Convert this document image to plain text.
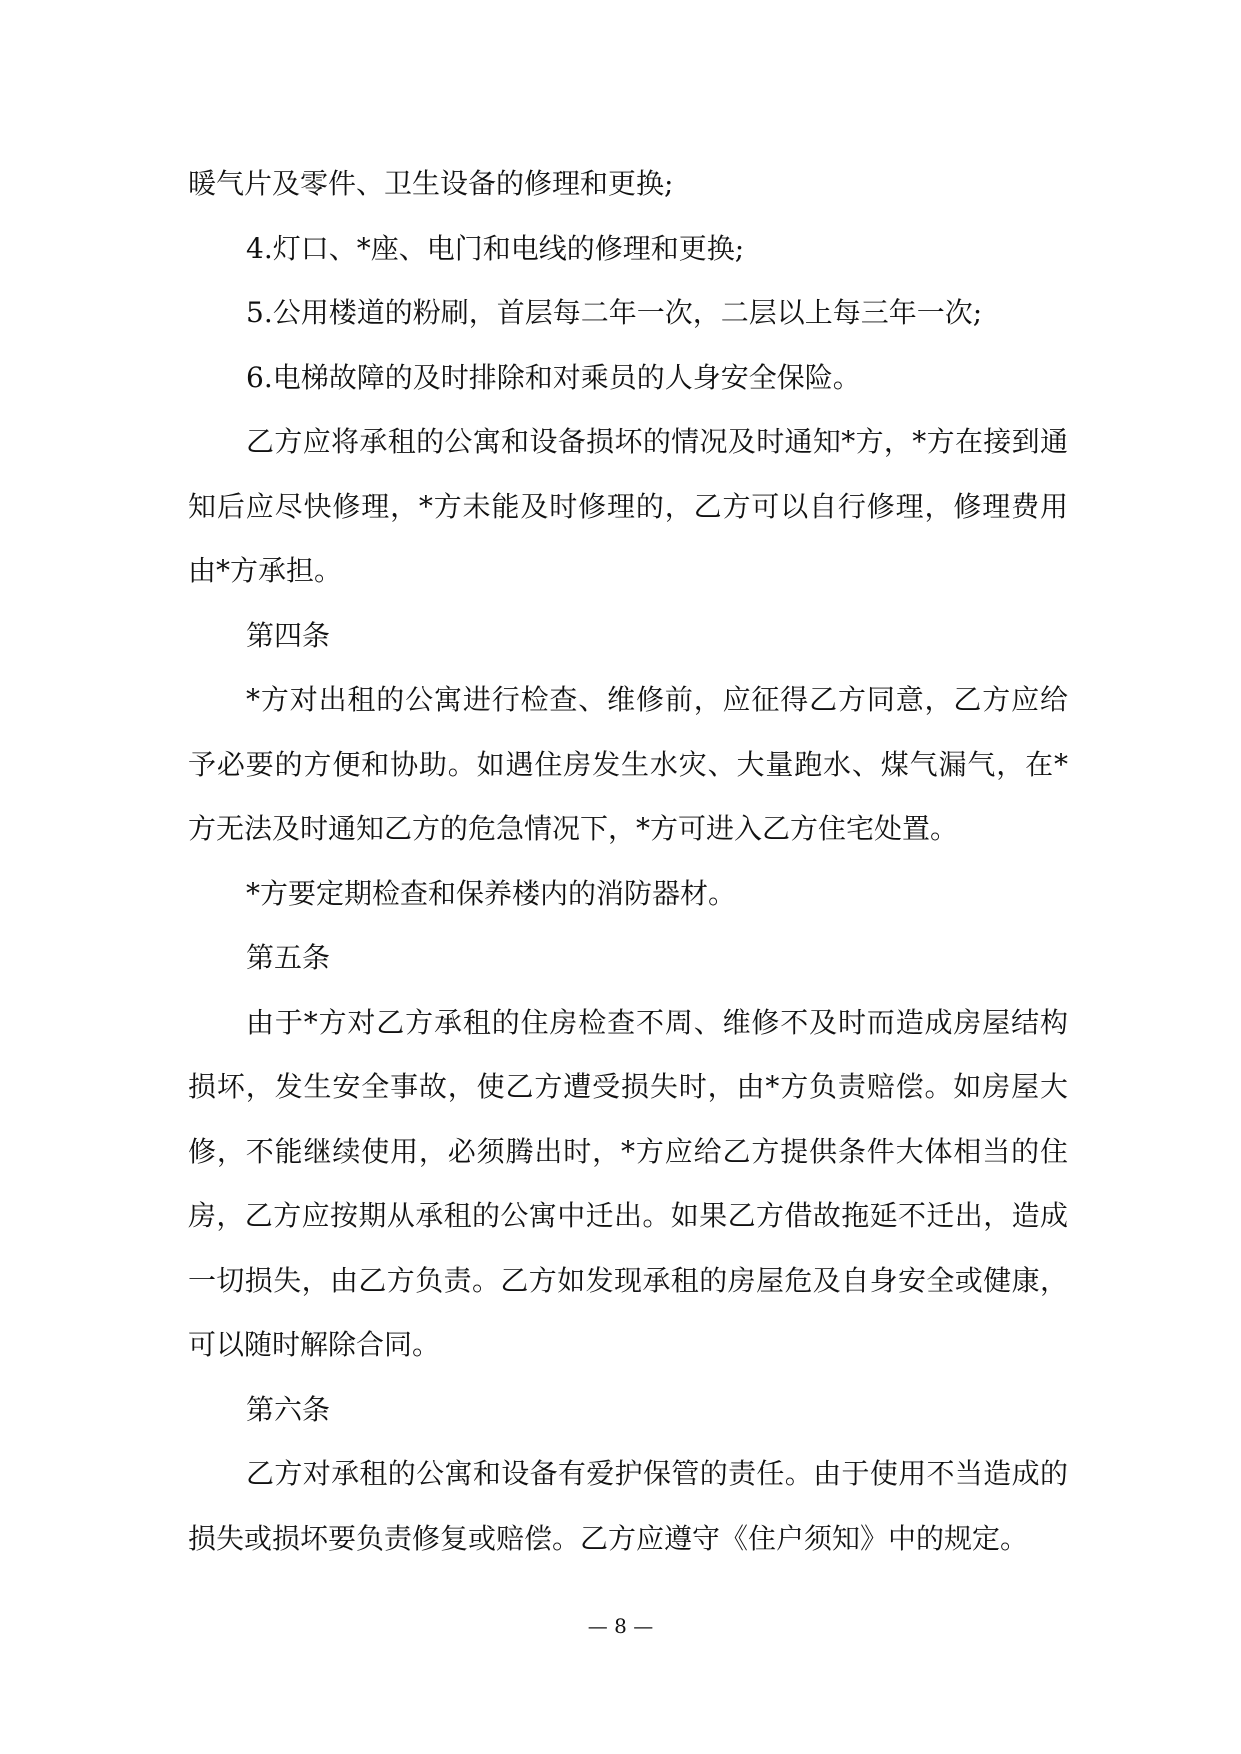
暖气片及零件、卫生设备的修理和更换;

4.灯口、*座、电门和电线的修理和更换;

5.公用楼道的粉刷，首层每二年一次，二层以上每三年一次;

6.电梯故障的及时排除和对乘员的人身安全保险。

乙方应将承租的公寓和设备损坏的情况及时通知*方，*方在接到通知后应尽快修理，*方未能及时修理的，乙方可以自行修理，修理费用由*方承担。

第四条

*方对出租的公寓进行检查、维修前，应征得乙方同意，乙方应给予必要的方便和协助。如遇住房发生水灾、大量跑水、煤气漏气，在*方无法及时通知乙方的危急情况下，*方可进入乙方住宅处置。

*方要定期检查和保养楼内的消防器材。

第五条

由于*方对乙方承租的住房检查不周、维修不及时而造成房屋结构损坏，发生安全事故，使乙方遭受损失时，由*方负责赔偿。如房屋大修，不能继续使用，必须腾出时，*方应给乙方提供条件大体相当的住房，乙方应按期从承租的公寓中迁出。如果乙方借故拖延不迁出，造成一切损失，由乙方负责。乙方如发现承租的房屋危及自身安全或健康，可以随时解除合同。

第六条

乙方对承租的公寓和设备有爱护保管的责任。由于使用不当造成的损失或损坏要负责修复或赔偿。乙方应遵守《住户须知》中的规定。

— 8 —
